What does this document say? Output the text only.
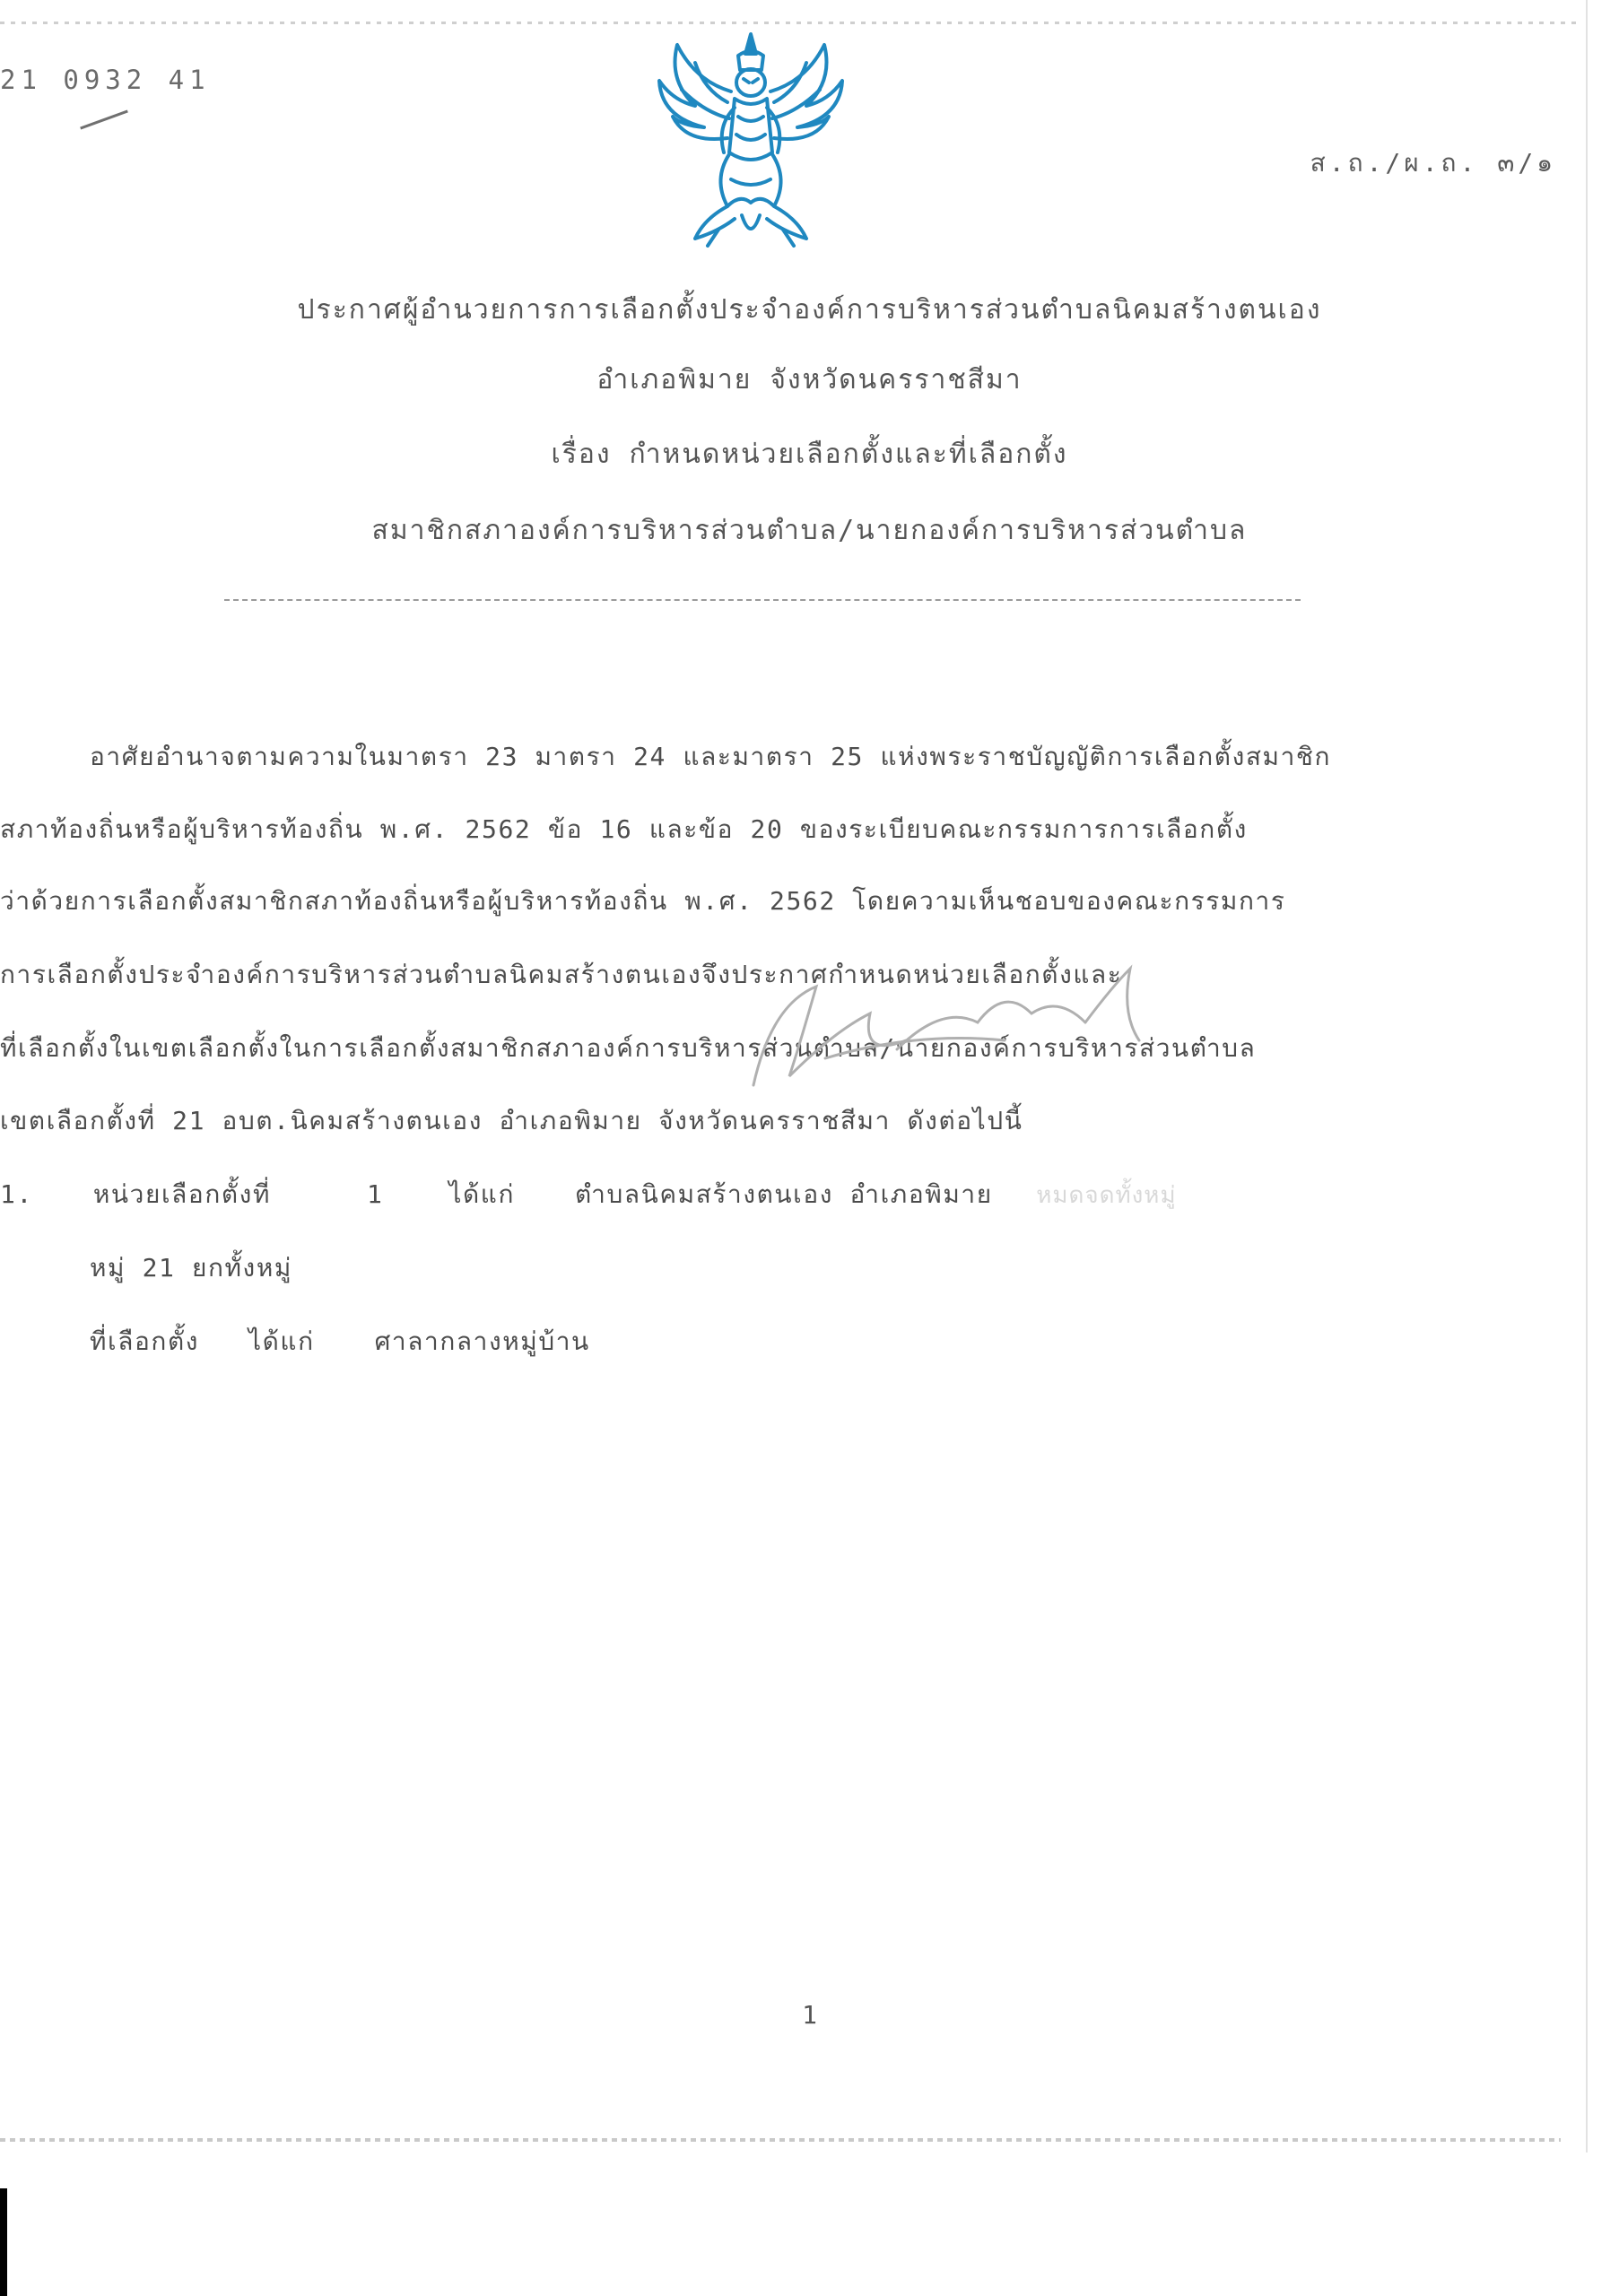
21 0932 41
ส.ถ./ผ.ถ. ๓/๑
ประกาศผู้อำนวยการการเลือกตั้งประจำองค์การบริหารส่วนตำบลนิคมสร้างตนเอง
อำเภอพิมาย จังหวัดนครราชสีมา
เรื่อง กำหนดหน่วยเลือกตั้งและที่เลือกตั้ง
สมาชิกสภาองค์การบริหารส่วนตำบล/นายกองค์การบริหารส่วนตำบล
อาศัยอำนาจตามความในมาตรา 23 มาตรา 24 และมาตรา 25 แห่งพระราชบัญญัติการเลือกตั้งสมาชิก
สภาท้องถิ่นหรือผู้บริหารท้องถิ่น พ.ศ. 2562 ข้อ 16 และข้อ 20 ของระเบียบคณะกรรมการการเลือกตั้ง
ว่าด้วยการเลือกตั้งสมาชิกสภาท้องถิ่นหรือผู้บริหารท้องถิ่น พ.ศ. 2562 โดยความเห็นชอบของคณะกรรมการ
การเลือกตั้งประจำองค์การบริหารส่วนตำบลนิคมสร้างตนเองจึงประกาศกำหนดหน่วยเลือกตั้งและ
ที่เลือกตั้งในเขตเลือกตั้งในการเลือกตั้งสมาชิกสภาองค์การบริหารส่วนตำบล/นายกองค์การบริหารส่วนตำบล
เขตเลือกตั้งที่ 21 อบต.นิคมสร้างตนเอง อำเภอพิมาย จังหวัดนครราชสีมา ดังต่อไปนี้
1. หน่วยเลือกตั้งที่	1	ได้แก่ ตำบลนิคมสร้างตนเอง อำเภอพิมาย หมดจดทั้งหมู่
หมู่ 21 ยกทั้งหมู่
ที่เลือกตั้ง ได้แก่ ศาลากลางหมู่บ้าน
1
